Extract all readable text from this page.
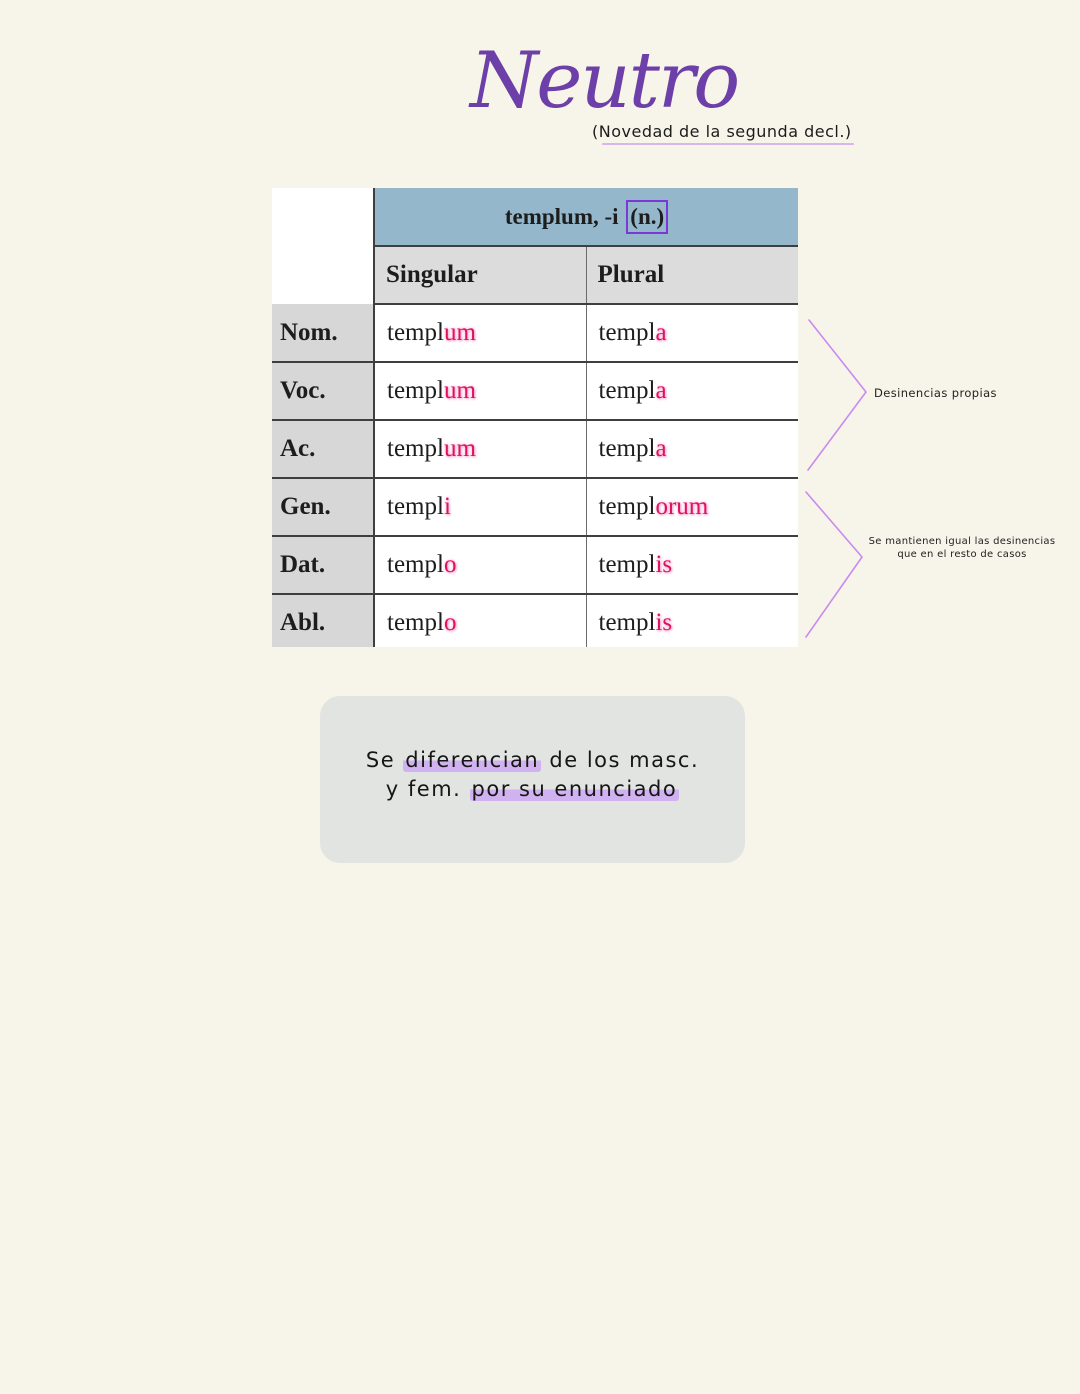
Neutro
(Novedad de la segunda decl.)
	templum, -i (n.)	
	Singular	Plural
Nom.	templum	templa
Voc.	templum	templa
Ac.	templum	templa
Gen.	templi	templorum
Dat.	templo	templis
Abl.	templo	templis
Desinencias propias
Se mantienen igual las desinencias que en el resto de casos
Se diferencian de los masc.
y fem. por su enunciado
